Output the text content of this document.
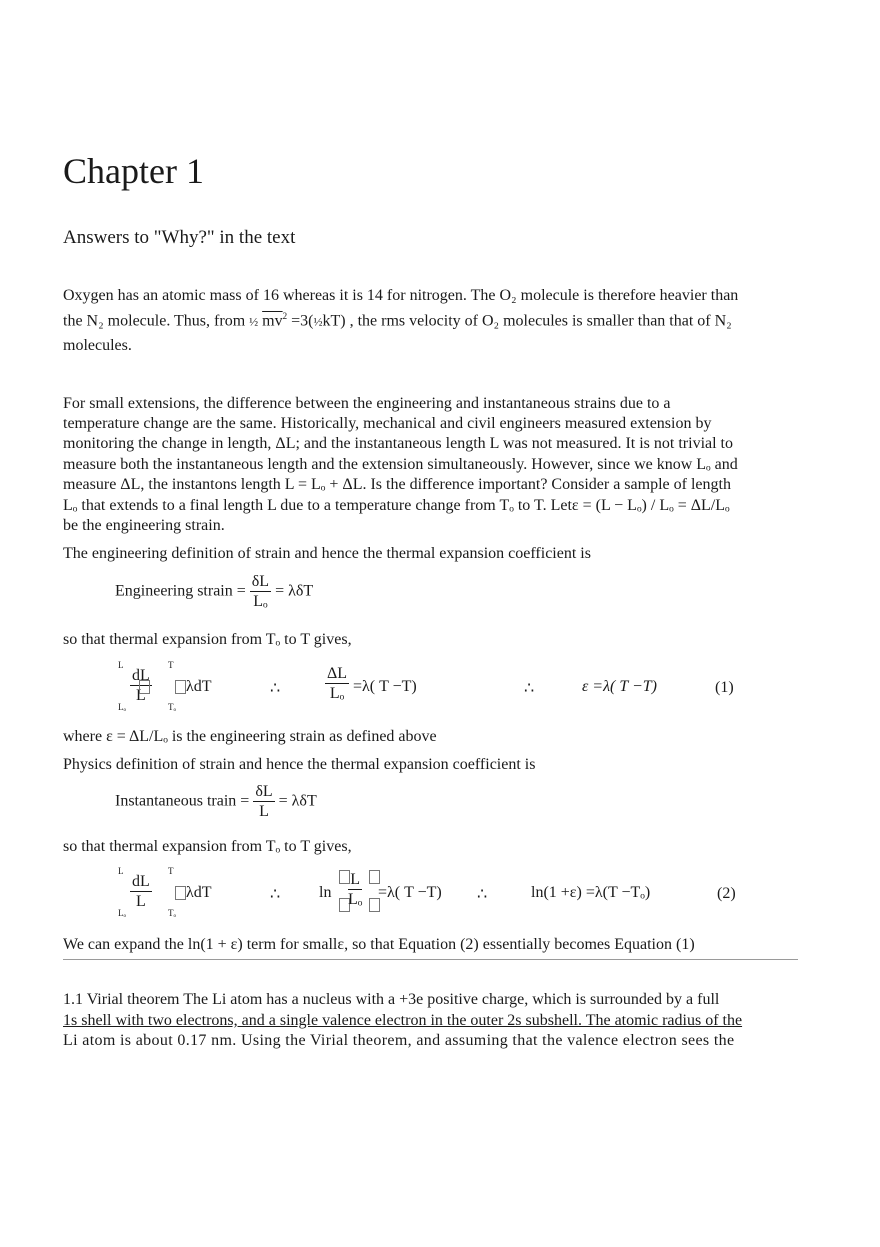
Chapter 1
Answers to "Why?" in the text
Oxygen has an atomic mass of 16 whereas it is 14 for nitrogen. The O₂ molecule is therefore heavier than
the N₂ molecule. Thus, from ½ $\overline{mv}^2$ =3(½kT) , the rms velocity of O₂ molecules is smaller than that of N₂
molecules.
For small extensions, the difference between the engineering and instantaneous strains due to a
temperature change are the same. Historically, mechanical and civil engineers measured extension by
monitoring the change in length, ΔL; and the instantaneous length L was not measured. It is not trivial to
measure both the instantaneous length and the extension simultaneously. However, since we know Lₒ and
measure ΔL, the instantons length L = Lₒ + ΔL. Is the difference important? Consider a sample of length
Lₒ that extends to a final length L due to a temperature change from Tₒ to T. Letε = (L − Lₒ) / Lₒ = ΔL/Lₒ
be the engineering strain.
The engineering definition of strain and hence the thermal expansion coefficient is
Engineering strain = $\frac{\delta L}{\text{Lₒ}} = \lambda\delta T$
so that thermal expansion from Tₒ to T gives,
L
Lₒ
$\frac{dL}{L}$
T
Tₒ
λdT	∴	$\frac{\Delta L}{\text{Lₒ}} =\lambda$( T −T)	∴	ε =λ( T −T)	(1)
where ε = ΔL/Lₒ is the engineering strain as defined above
Physics definition of strain and hence the thermal expansion coefficient is
Instantaneous train = $\frac{\delta L}{L} = \lambda\delta T$
so that thermal expansion from Tₒ to T gives,
L
Lₒ
$\frac{dL}{L}$
T
Tₒ
λdT	∴ $\ln \frac{L}{\text{Lₒ}} =\lambda$( T −T) ∴	ln(1 +ε) =λ(T −Tₒ)	(2)
We can expand the ln(1 + ε) term for smallε, so that Equation (2) essentially becomes Equation (1)
1.1 Virial theorem The Li atom has a nucleus with a +3e positive charge, which is surrounded by a full
1s shell with two electrons, and a single valence electron in the outer 2s subshell. The atomic radius of the
Li atom is about 0.17 nm. Using the Virial theorem, and assuming that the valence electron sees the
